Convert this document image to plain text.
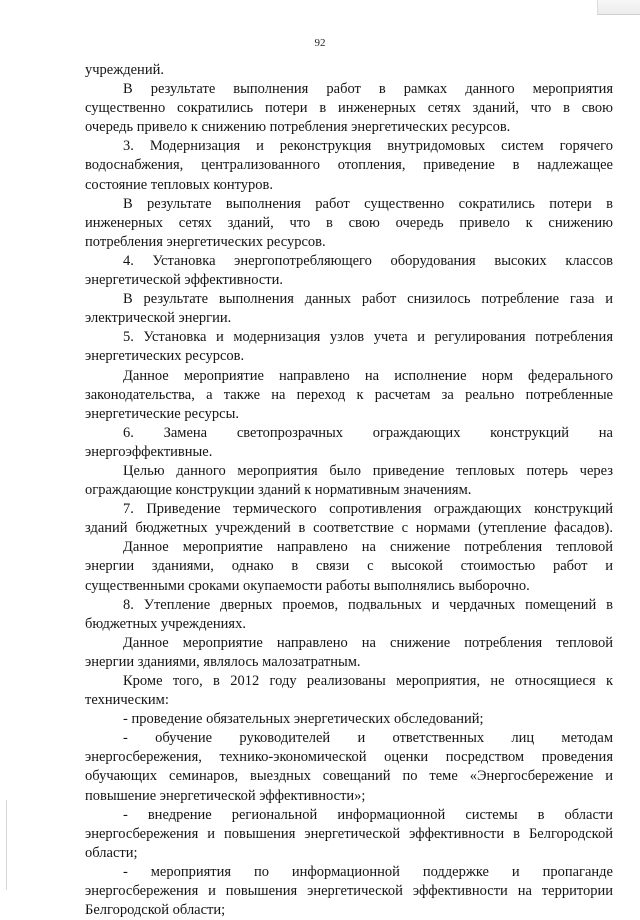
92
учреждений.
В результате выполнения работ в рамках данного мероприятия
существенно сократились потери в инженерных сетях зданий, что в свою
очередь привело к снижению потребления энергетических ресурсов.
3. Модернизация и реконструкция внутридомовых систем горячего
водоснабжения, централизованного отопления, приведение в надлежащее
состояние тепловых контуров.
В результате выполнения работ существенно сократились потери в
инженерных сетях зданий, что в свою очередь привело к снижению
потребления энергетических ресурсов.
4. Установка энергопотребляющего оборудования высоких классов
энергетической эффективности.
В результате выполнения данных работ снизилось потребление газа и
электрической энергии.
5. Установка и модернизация узлов учета и регулирования потребления
энергетических ресурсов.
Данное мероприятие направлено на исполнение норм федерального
законодательства, а также на переход к расчетам за реально потребленные
энергетические ресурсы.
6. Замена светопрозрачных ограждающих конструкций на
энергоэффективные.
Целью данного мероприятия было приведение тепловых потерь через
ограждающие конструкции зданий к нормативным значениям.
7. Приведение термического сопротивления ограждающих конструкций
зданий бюджетных учреждений в соответствие с нормами (утепление фасадов).
Данное мероприятие направлено на снижение потребления тепловой
энергии зданиями, однако в связи с высокой стоимостью работ и
существенными сроками окупаемости работы выполнялись выборочно.
8. Утепление дверных проемов, подвальных и чердачных помещений в
бюджетных учреждениях.
Данное мероприятие направлено на снижение потребления тепловой
энергии зданиями, являлось малозатратным.
Кроме того, в 2012 году реализованы мероприятия, не относящиеся к
техническим:
- проведение обязательных энергетических обследований;
- обучение руководителей и ответственных лиц методам
энергосбережения, технико-экономической оценки посредством проведения
обучающих семинаров, выездных совещаний по теме «Энергосбережение и
повышение энергетической эффективности»;
- внедрение региональной информационной системы в области
энергосбережения и повышения энергетической эффективности в Белгородской
области;
- мероприятия по информационной поддержке и пропаганде
энергосбережения и повышения энергетической эффективности на территории
Белгородской области;
